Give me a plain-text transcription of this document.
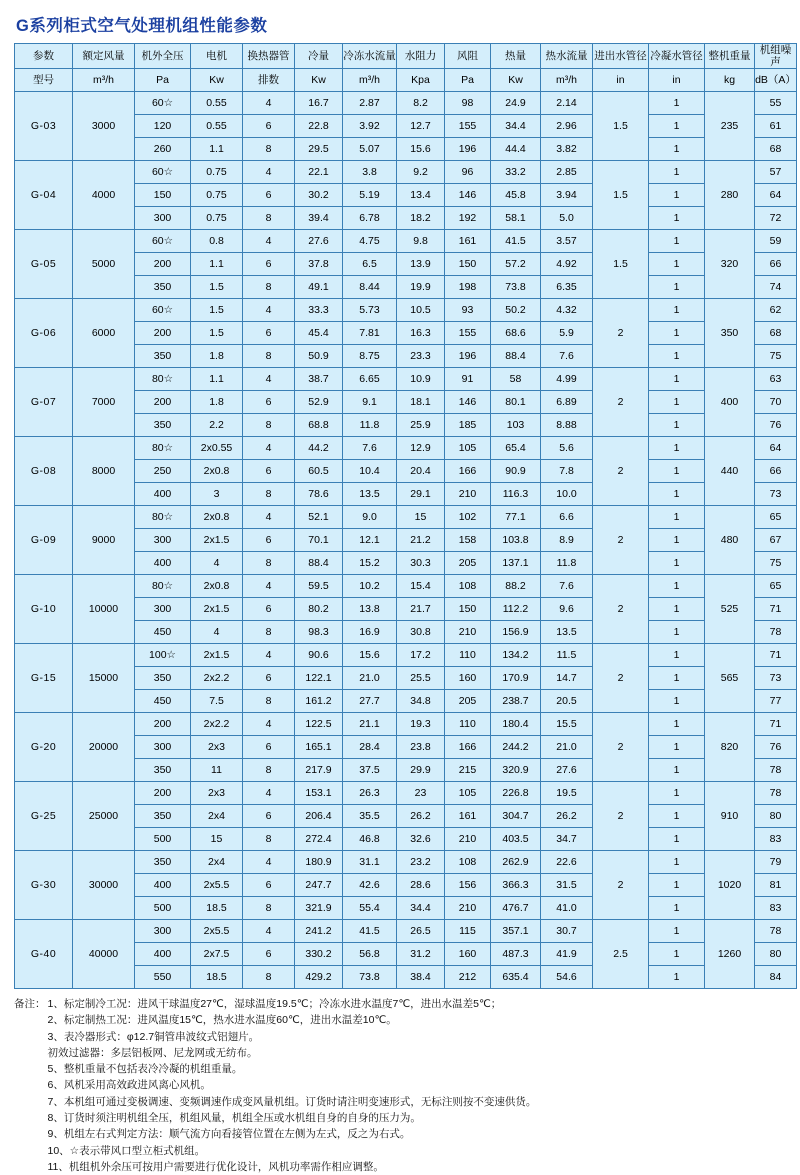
G系列柜式空气处理机组性能参数
参数	额定风量	机外全压	电机	换热器管	冷量	冷冻水流量	水阻力	风阻	热量	热水流量	进出水管径	冷凝水管径	整机重量	机组噪声
型号	m³/h	Pa	Kw	排数	Kw	m³/h	Kpa	Pa	Kw	m³/h	in	in	kg	dB（A）
G-03	3000	60☆	0.55	4	16.7	2.87	8.2	98	24.9	2.14	1.5	1	235	55
		120	0.55	6	22.8	3.92	12.7	155	34.4	2.96		1		61
		260	1.1	8	29.5	5.07	15.6	196	44.4	3.82		1		68
G-04	4000	60☆	0.75	4	22.1	3.8	9.2	96	33.2	2.85	1.5	1	280	57
		150	0.75	6	30.2	5.19	13.4	146	45.8	3.94		1		64
		300	0.75	8	39.4	6.78	18.2	192	58.1	5.0		1		72
G-05	5000	60☆	0.8	4	27.6	4.75	9.8	161	41.5	3.57	1.5	1	320	59
		200	1.1	6	37.8	6.5	13.9	150	57.2	4.92		1		66
		350	1.5	8	49.1	8.44	19.9	198	73.8	6.35		1		74
G-06	6000	60☆	1.5	4	33.3	5.73	10.5	93	50.2	4.32	2	1	350	62
		200	1.5	6	45.4	7.81	16.3	155	68.6	5.9		1		68
		350	1.8	8	50.9	8.75	23.3	196	88.4	7.6		1		75
G-07	7000	80☆	1.1	4	38.7	6.65	10.9	91	58	4.99	2	1	400	63
		200	1.8	6	52.9	9.1	18.1	146	80.1	6.89		1		70
		350	2.2	8	68.8	11.8	25.9	185	103	8.88		1		76
G-08	8000	80☆	2x0.55	4	44.2	7.6	12.9	105	65.4	5.6	2	1	440	64
		250	2x0.8	6	60.5	10.4	20.4	166	90.9	7.8		1		66
		400	3	8	78.6	13.5	29.1	210	116.3	10.0		1		73
G-09	9000	80☆	2x0.8	4	52.1	9.0	15	102	77.1	6.6	2	1	480	65
		300	2x1.5	6	70.1	12.1	21.2	158	103.8	8.9		1		67
		400	4	8	88.4	15.2	30.3	205	137.1	11.8		1		75
G-10	10000	80☆	2x0.8	4	59.5	10.2	15.4	108	88.2	7.6	2	1	525	65
		300	2x1.5	6	80.2	13.8	21.7	150	112.2	9.6		1		71
		450	4	8	98.3	16.9	30.8	210	156.9	13.5		1		78
G-15	15000	100☆	2x1.5	4	90.6	15.6	17.2	110	134.2	11.5	2	1	565	71
		350	2x2.2	6	122.1	21.0	25.5	160	170.9	14.7		1		73
		450	7.5	8	161.2	27.7	34.8	205	238.7	20.5		1		77
G-20	20000	200	2x2.2	4	122.5	21.1	19.3	110	180.4	15.5	2	1	820	71
		300	2x3	6	165.1	28.4	23.8	166	244.2	21.0		1		76
		350	11	8	217.9	37.5	29.9	215	320.9	27.6		1		78
G-25	25000	200	2x3	4	153.1	26.3	23	105	226.8	19.5	2	1	910	78
		350	2x4	6	206.4	35.5	26.2	161	304.7	26.2		1		80
		500	15	8	272.4	46.8	32.6	210	403.5	34.7		1		83
G-30	30000	350	2x4	4	180.9	31.1	23.2	108	262.9	22.6	2	1	1020	79
		400	2x5.5	6	247.7	42.6	28.6	156	366.3	31.5		1		81
		500	18.5	8	321.9	55.4	34.4	210	476.7	41.0		1		83
G-40	40000	300	2x5.5	4	241.2	41.5	26.5	115	357.1	30.7	2.5	1	1260	78
		400	2x7.5	6	330.2	56.8	31.2	160	487.3	41.9		1		80
		550	18.5	8	429.2	73.8	38.4	212	635.4	54.6		1		84
备注： 1、标定制冷工况：进风干球温度27℃，湿球温度19.5℃；冷冻水进水温度7℃，进出水温差5℃；
2、标定制热工况：进风温度15℃，热水进水温度60℃，进出水温差10℃。
3、表冷器形式：φ12.7铜管串波纹式铝翅片。
初效过滤器：多层铝板网、尼龙网或无纺布。
5、整机重量不包括表冷冷凝的机组重量。
6、风机采用高效政进风离心风机。
7、本机组可通过变极调速、变频调速作成变风量机组。订货时请注明变速形式，无标注则按不变速供货。
8、订货时须注明机组全压，机组风量，机组全压或水机组自身的自身的压力为。
9、机组左右式判定方法：顺气流方向看接管位置在左侧为左式，反之为右式。
10、☆表示带风口型立柜式机组。
11、机组机外余压可按用户需要进行优化设计，风机功率需作相应调整。
